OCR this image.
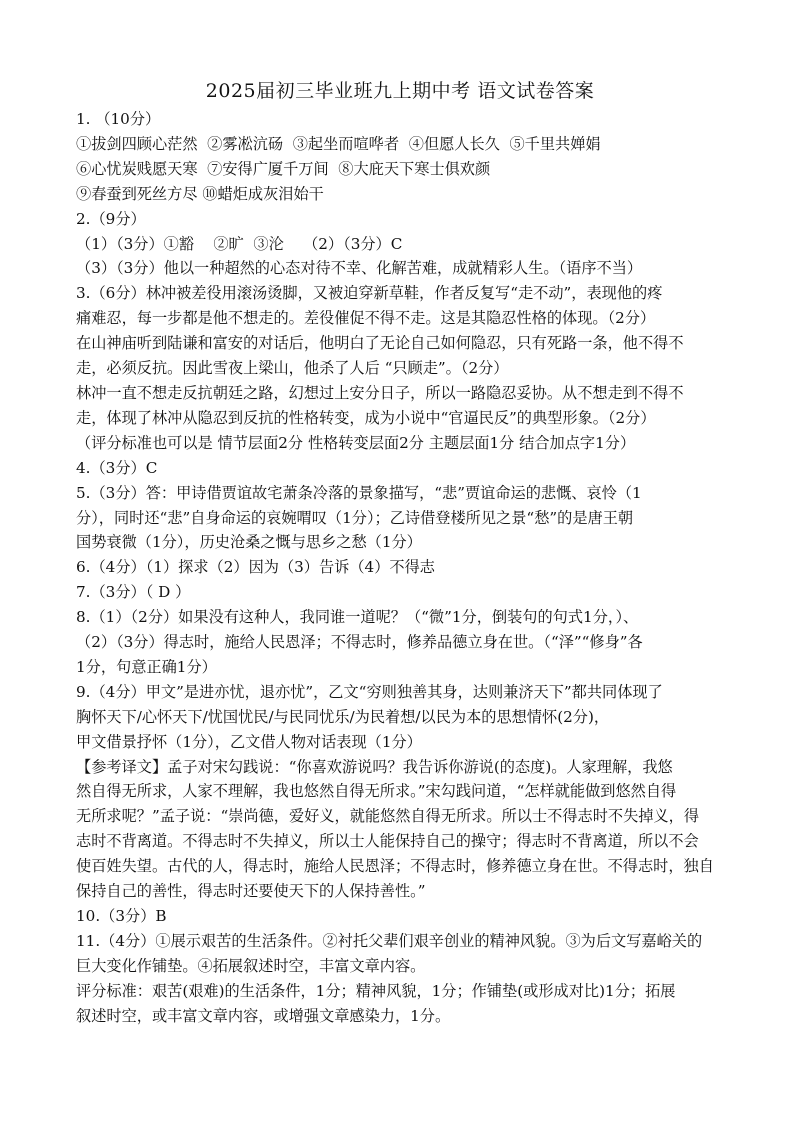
2025届初三毕业班九上期中考 语文试卷答案

1. （10分）

①拔剑四顾心茫然  ②雾凇沆砀  ③起坐而喧哗者  ④但愿人长久  ⑤千里共婵娟

⑥心忧炭贱愿天寒  ⑦安得广厦千万间  ⑧大庇天下寒士俱欢颜

⑨春蚕到死丝方尽 ⑩蜡炬成灰泪始干

2.（9分）

（1）（3分）①豁    ②旷  ③沦    （2）（3分）C

（3）（3分）他以一种超然的心态对待不幸、化解苦难，成就精彩人生。（语序不当）

3.（6分）林冲被差役用滚汤烫脚，又被迫穿新草鞋，作者反复写“走不动”，表现他的疼

痛难忍，每一步都是他不想走的。差役催促不得不走。这是其隐忍性格的体现。（2分）

在山神庙听到陆谦和富安的对话后，他明白了无论自己如何隐忍，只有死路一条，他不得不

走，必须反抗。因此雪夜上梁山，他杀了人后 “只顾走”。（2分）

林冲一直不想走反抗朝廷之路，幻想过上安分日子，所以一路隐忍妥协。从不想走到不得不

走，体现了林冲从隐忍到反抗的性格转变，成为小说中“官逼民反”的典型形象。（2分）

（评分标准也可以是 情节层面2分 性格转变层面2分 主题层面1分 结合加点字1分）

4.（3分）C

5.（3分）答：甲诗借贾谊故宅萧条冷落的景象描写，“悲”贾谊命运的悲慨、哀怜（1

分），同时还“悲”自身命运的哀婉喟叹（1分）；乙诗借登楼所见之景“愁”的是唐王朝

国势衰微（1分），历史沧桑之慨与思乡之愁（1分）

6.（4分）（1）探求（2）因为（3）告诉（4）不得志

7.（3分）（ D ）

8.（1）（2分）如果没有这种人，我同谁一道呢？（“微”1分，倒装句的句式1分，）、

（2）（3分）得志时，施给人民恩泽；不得志时，修养品德立身在世。（“泽”“修身”各

1分，句意正确1分）

9.（4分）甲文”是进亦忧，退亦忧”，乙文“穷则独善其身，达则兼济天下”都共同体现了

胸怀天下/心怀天下/忧国忧民/与民同忧乐/为民着想/以民为本的思想情怀(2分)，

甲文借景抒怀（1分），乙文借人物对话表现（1分）

【参考译文】孟子对宋勾践说：“你喜欢游说吗？我告诉你游说(的态度)。人家理解，我悠

然自得无所求，人家不理解，我也悠然自得无所求。”宋勾践问道，“怎样就能做到悠然自得

无所求呢？”孟子说：“崇尚德，爱好义，就能悠然自得无所求。所以士不得志时不失掉义，得

志时不背离道。不得志时不失掉义，所以士人能保持自己的操守；得志时不背离道，所以不会

使百姓失望。古代的人，得志时，施给人民恩泽；不得志时，修养德立身在世。不得志时，独自

保持自己的善性，得志时还要使天下的人保持善性。”

10.（3分）B

11.（4分）①展示艰苦的生活条件。②衬托父辈们艰辛创业的精神风貌。③为后文写嘉峪关的

巨大变化作铺垫。④拓展叙述时空，丰富文章内容。

评分标准：艰苦(艰难)的生活条件，1分；精神风貌，1分；作铺垫(或形成对比)1分；拓展

叙述时空，或丰富文章内容，或增强文章感染力，1分。
